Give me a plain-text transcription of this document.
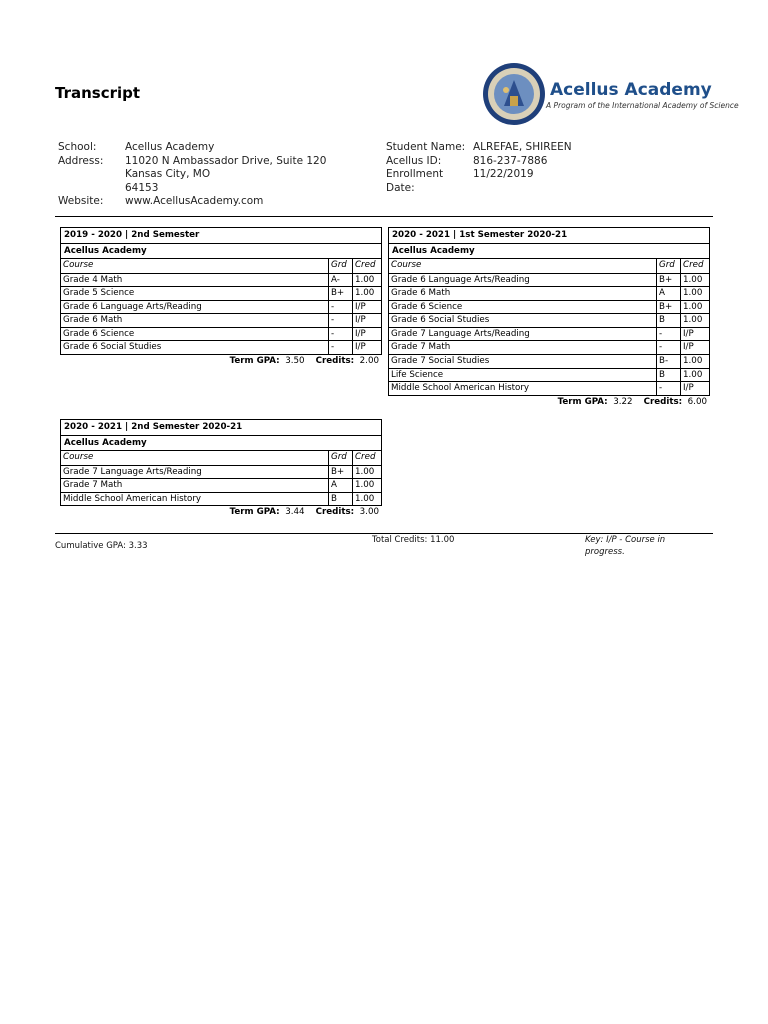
Transcript	Acellus Academy
A Program of the International Academy of Science
School:	Acellus Academy
Address:	11020 N Ambassador Drive, Suite 120
Kansas City, MO
64153
Website:	www.AcellusAcademy.com
Student Name: ALREFAE, SHIREEN
Acellus ID:	816-237-7886
Enrollment Date:
11/22/2019
2019 - 2020 | 2nd Semester		
Acellus Academy		
Course	Grd	Cred
Grade 4 Math	A-	1.00
Grade 5 Science	B+	1.00
Grade 6 Language Arts/Reading	-	I/P
Grade 6 Math	-	I/P
Grade 6 Science	-	I/P
Grade 6 Social Studies	-	I/P
Term GPA: 3.50 Credits: 2.00
2020 - 2021 | 1st Semester 2020-21		
Acellus Academy		
Course	Grd	Cred
Grade 6 Language Arts/Reading	B+	1.00
Grade 6 Math	A	1.00
Grade 6 Science	B+	1.00
Grade 6 Social Studies	B	1.00
Grade 7 Language Arts/Reading	-	I/P
Grade 7 Math	-	I/P
Grade 7 Social Studies	B-	1.00
Life Science	B	1.00
Middle School American History	-	I/P
Term GPA: 3.22 Credits: 6.00
2020 - 2021 | 2nd Semester 2020-21		
Acellus Academy		
Course	Grd	Cred
Grade 7 Language Arts/Reading	B+	1.00
Grade 7 Math	A	1.00
Middle School American History	B	1.00
Term GPA: 3.44 Credits: 3.00
Cumulative GPA: 3.33
Total Credits: 11.00	Key: I/P - Course in progress.
